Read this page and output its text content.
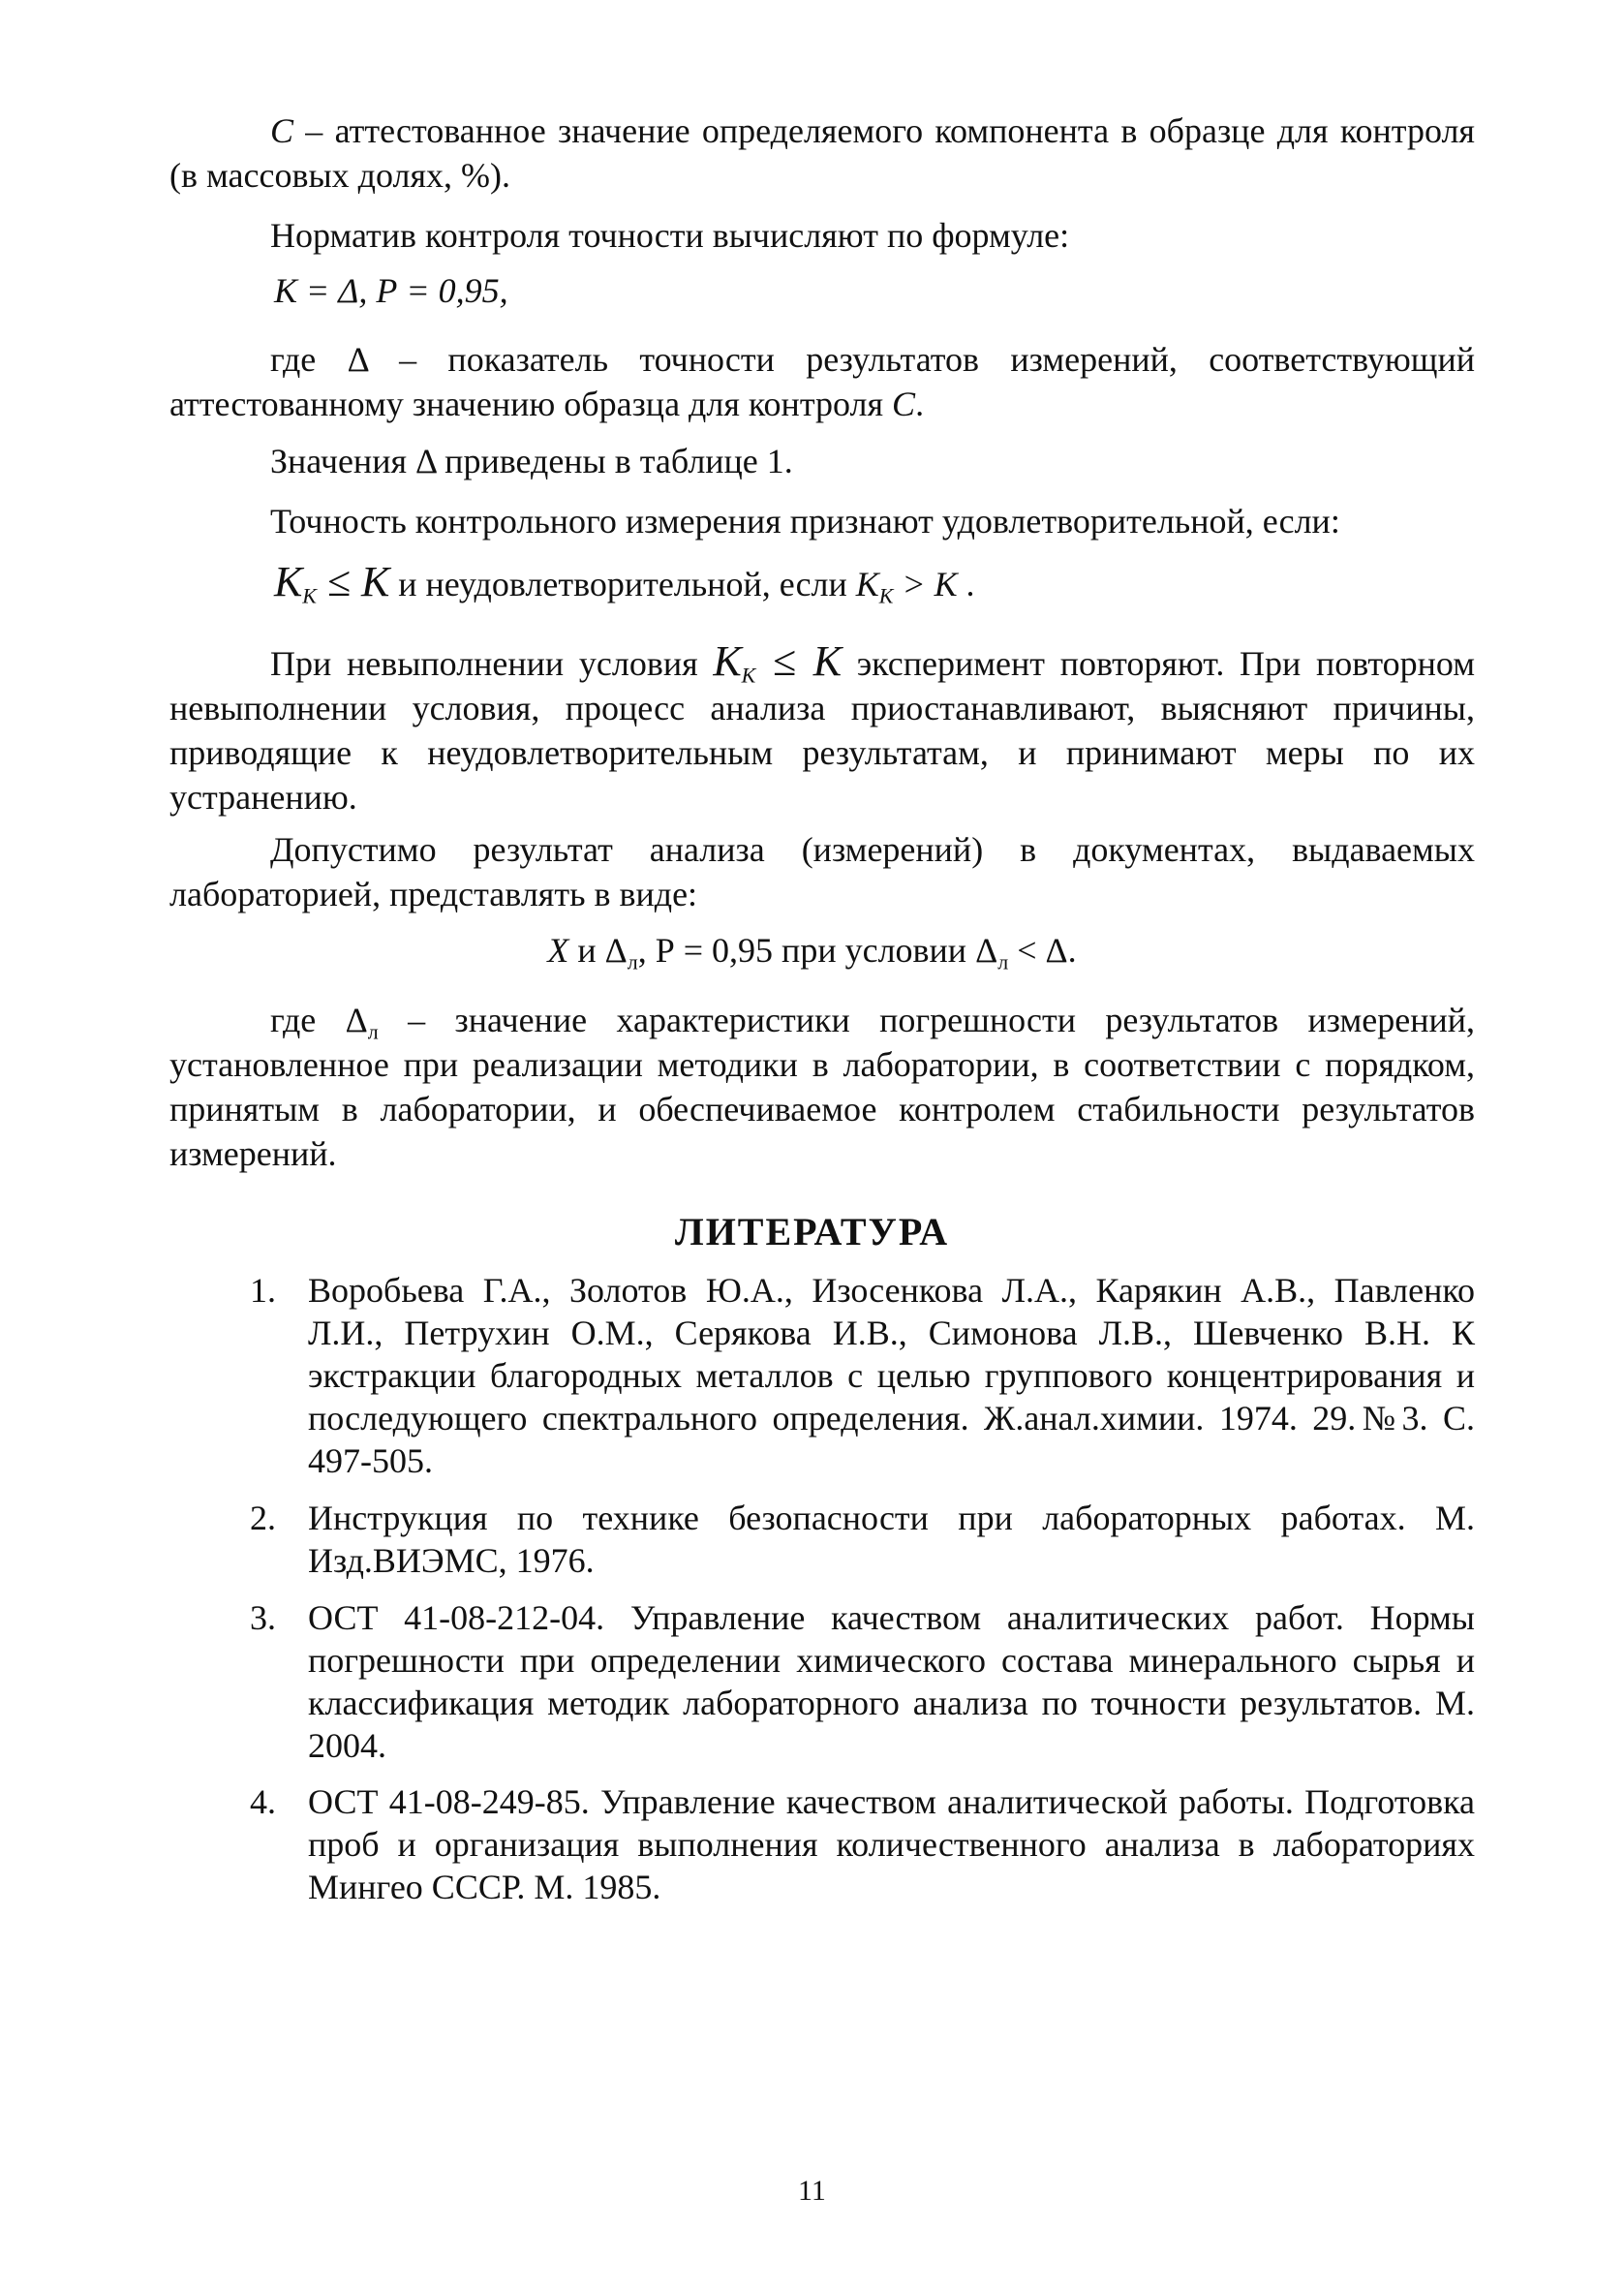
С – аттестованное значение определяемого компонента в образце для контроля (в массовых долях, %).
Норматив контроля точности вычисляют по формуле:
К = Δ, Р = 0,95,
где Δ – показатель точности результатов измерений, соответствующий аттестованному значению образца для контроля С.
Значения Δ приведены в таблице 1.
Точность контрольного измерения признают удовлетворительной, если:
$К_К \le К$ и неудовлетворительной, если $К_К > К$ .
При невыполнении условия $К_К \le К$ эксперимент повторяют. При повторном невыполнении условия, процесс анализа приостанавливают, выясняют причины, приводящие к неудовлетворительным результатам, и принимают меры по их устранению.
Допустимо результат анализа (измерений) в документах, выдаваемых лабораторией, представлять в виде:
X и $\Delta_л$, Р = 0,95 при условии $\Delta_л < \Delta$.
где $\Delta_л$ – значение характеристики погрешности результатов измерений, установленное при реализации методики в лаборатории, в соответствии с порядком, принятым в лаборатории, и обеспечиваемое контролем стабильности результатов измерений.
ЛИТЕРАТУРА
1. Воробьева Г.А., Золотов Ю.А., Изосенкова Л.А., Карякин А.В., Павленко Л.И., Петрухин О.М., Серякова И.В., Симонова Л.В., Шевченко В.Н. К экстракции благородных металлов с целью группового концентрирования и последующего спектрального определения. Ж.анал.химии. 1974. 29.№3. С. 497-505.
2. Инструкция по технике безопасности при лабораторных работах. М. Изд.ВИЭМС, 1976.
3. ОСТ 41-08-212-04. Управление качеством аналитических работ. Нормы погрешности при определении химического состава минерального сырья и классификация методик лабораторного анализа по точности результатов. М. 2004.
4. ОСТ 41-08-249-85. Управление качеством аналитической работы. Подготовка проб и организация выполнения количественного анализа в лабораториях Мингео СССР. М. 1985.
11
